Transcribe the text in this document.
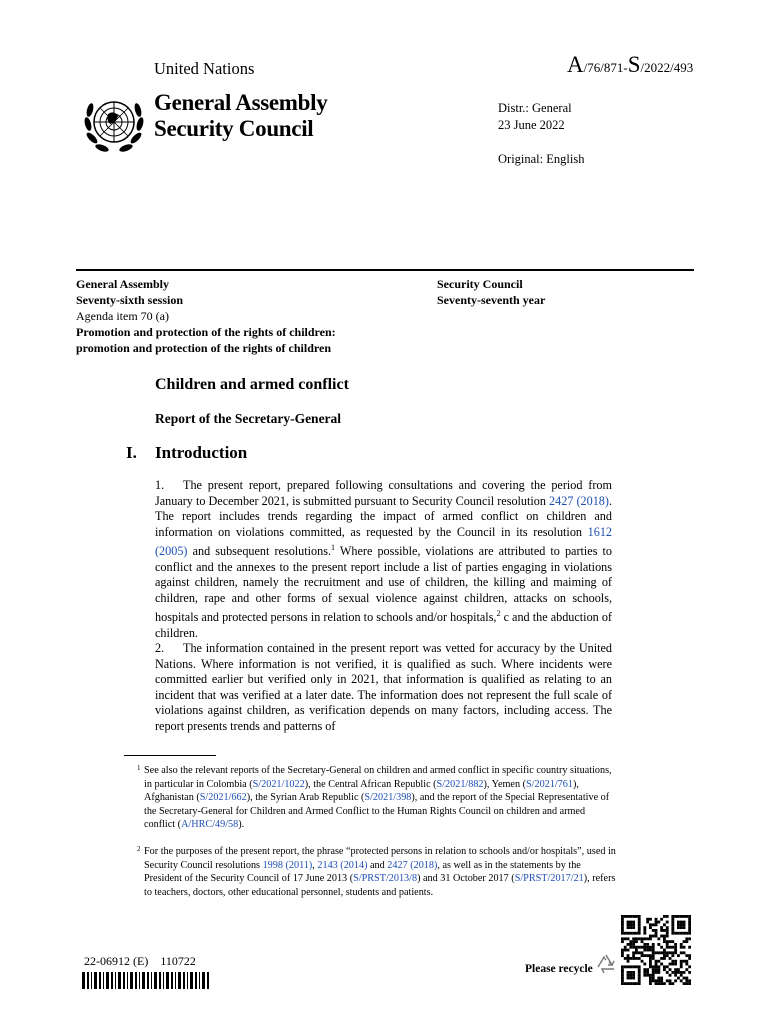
United Nations	A/76/871-S/2022/493
General Assembly
Security Council
Distr.: General
23 June 2022
Original: English
General Assembly
Seventy-sixth session
Agenda item 70 (a)
Promotion and protection of the rights of children:
promotion and protection of the rights of children
Security Council
Seventy-seventh year
Children and armed conflict
Report of the Secretary-General
I. Introduction
1. The present report, prepared following consultations and covering the period from January to December 2021, is submitted pursuant to Security Council resolution 2427 (2018). The report includes trends regarding the impact of armed conflict on children and information on violations committed, as requested by the Council in its resolution 1612 (2005) and subsequent resolutions.$^1$ Where possible, violations are attributed to parties to conflict and the annexes to the present report include a list of parties engaging in violations against children, namely the recruitment and use of children, the killing and maiming of children, rape and other forms of sexual violence against children, attacks on schools, hospitals and protected persons in relation to schools and/or hospitals,$^2$ c and the abduction of children.
2. The information contained in the present report was vetted for accuracy by the United Nations. Where information is not verified, it is qualified as such. Where incidents were committed earlier but verified only in 2021, that information is qualified as relating to an incident that was verified at a later date. The information does not represent the full scale of violations against children, as verification depends on many factors, including access. The report presents trends and patterns of
1 See also the relevant reports of the Secretary-General on children and armed conflict in specific country situations, in particular in Colombia (S/2021/1022), the Central African Republic (S/2021/882), Yemen (S/2021/761), Afghanistan (S/2021/662), the Syrian Arab Republic (S/2021/398), and the report of the Special Representative of the Secretary-General for Children and Armed Conflict to the Human Rights Council on children and armed conflict (A/HRC/49/58).
2 For the purposes of the present report, the phrase “protected persons in relation to schools and/or hospitals”, used in Security Council resolutions 1998 (2011), 2143 (2014) and 2427 (2018), as well as in the statements by the President of the Security Council of 17 June 2013 (S/PRST/2013/8) and 31 October 2017 (S/PRST/2017/21), refers to teachers, doctors, other educational personnel, students and patients.
22-06912 (E)    110722
Please recycle
